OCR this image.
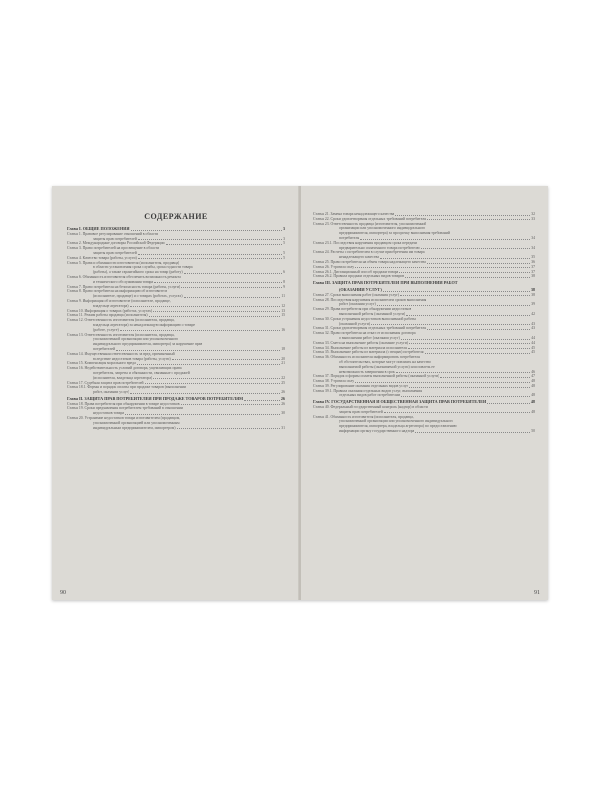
СОДЕРЖАНИЕ
Глава I. ОБЩИЕ ПОЛОЖЕНИЯ	3
Статья 1. Правовое регулирование отношений в области
защиты прав потребителей	3
Статья 2. Международные договоры Российской Федерации	5
Статья 3. Право потребителей на просвещение в области
защиты прав потребителей	5
Статья 4. Качество товара (работы, услуги)	5
Статья 5. Права и обязанности изготовителя (исполнителя, продавца)
в области установления срока службы, срока годности товара
(работы), а также гарантийного срока на товар (работу)	6
Статья 6. Обязанность изготовителя обеспечить возможность ремонта
и технического обслуживания товара	8
Статья 7. Право потребителя на безопасность товара (работы, услуги)	9
Статья 8. Право потребителя на информацию об изготовителе
(исполнителе, продавце) и о товарах (работах, услугах)	11
Статья 9. Информация об изготовителе (исполнителе, продавце,
владельце агрегатора)	12
Статья 10. Информация о товарах (работах, услугах)	13
Статья 11. Режим работы продавца (исполнителя)	15
Статья 12. Ответственность изготовителя (исполнителя, продавца,
владельца агрегатора) за ненадлежащую информацию о товаре
(работе, услуге)	16
Статья 13. Ответственность изготовителя (исполнителя, продавца,
уполномоченной организации или уполномоченного
индивидуального предпринимателя, импортера) за нарушение прав
потребителей	18
Статья 14. Имущественная ответственность за вред, причиненный
вследствие недостатков товара (работы, услуги)	20
Статья 15. Компенсация морального вреда	21
Статья 16. Недействительность условий договора, ущемляющих права
потребителя, запреты и обязанности, связанные с продажей
(исполнителя, владельца агрегатора)	22
Статья 17. Судебная защита прав потребителей	25
Статья 18.1. Формы и порядок оплаты при продаже товаров (выполнении
работ, оказании услуг)	26
Глава II. ЗАЩИТА ПРАВ ПОТРЕБИТЕЛЕЙ ПРИ ПРОДАЖЕ ТОВАРОВ ПОТРЕБИТЕЛЯМ	26
Статья 18. Права потребителя при обнаружении в товаре недостатков	26
Статья 19. Сроки предъявления потребителем требований в отношении
недостатков товара	30
Статья 20. Устранение недостатков товара изготовителем (продавцом,
уполномоченной организацией или уполномоченным
индивидуальным предпринимателем, импортером)	31
90
Статья 21. Замена товара ненадлежащего качества	32
Статья 22. Сроки удовлетворения отдельных требований потребителя	33
Статья 23. Ответственность продавца (изготовителя, уполномоченной
организации или уполномоченного индивидуального
предпринимателя, импортера) за просрочку выполнения требований
потребителя	34
Статья 23.1. Последствия нарушения продавцом срока передачи
предварительно оплаченного товара потребителю	34
Статья 24. Расчеты с потребителем в случае приобретения им товара
ненадлежащего качества	35
Статья 25. Право потребителя на обмен товара надлежащего качества	36
Статья 26. Утратила силу	37
Статья 26.1. Дистанционный способ продажи товара	37
Статья 26.2. Правила продажи отдельных видов товаров	38
Глава III. ЗАЩИТА ПРАВ ПОТРЕБИТЕЛЕЙ ПРИ ВЫПОЛНЕНИИ РАБОТ
(ОКАЗАНИИ УСЛУГ)	38
Статья 27. Сроки выполнения работ (оказания услуг)	38
Статья 28. Последствия нарушения исполнителем сроков выполнения
работ (оказания услуг)	39
Статья 29. Права потребителя при обнаружении недостатков
выполненной работы (оказанной услуги)	42
Статья 30. Сроки устранения недостатков выполненной работы
(оказанной услуги)	43
Статья 31. Сроки удовлетворения отдельных требований потребителя	43
Статья 32. Право потребителя на отказ от исполнения договора
о выполнении работ (оказании услуг)	44
Статья 33. Смета на выполнение работы (оказание услуги)	44
Статья 34. Выполнение работы из материала исполнителя	45
Статья 35. Выполнение работы из материала (с вещью) потребителя	45
Статья 36. Обязанность исполнителя информировать потребителя
об обстоятельствах, которые могут повлиять на качество
выполняемой работы (оказываемой услуги) или повлечь ее
невозможность завершения в срок	46
Статья 37. Порядок и формы оплаты выполненной работы (оказанной услуги)	47
Статья 38. Утратила силу	48
Статья 39. Регулирование оказания отдельных видов услуг	48
Статья 39.1. Правила оказания отдельных видов услуг, выполнения
отдельных видов работ потребителям	48
Глава IV. ГОСУДАРСТВЕННАЯ И ОБЩЕСТВЕННАЯ ЗАЩИТА ПРАВ ПОТРЕБИТЕЛЕЙ	48
Статья 40. Федеральный государственный контроль (надзор) в области
защиты прав потребителей	48
Статья 41. Обязанность изготовителя (исполнителя, продавца,
уполномоченной организации или уполномоченного индивидуального
предпринимателя, импортера, владельца агрегатора) по предоставлению
информации органу государственного надзора	50
91
